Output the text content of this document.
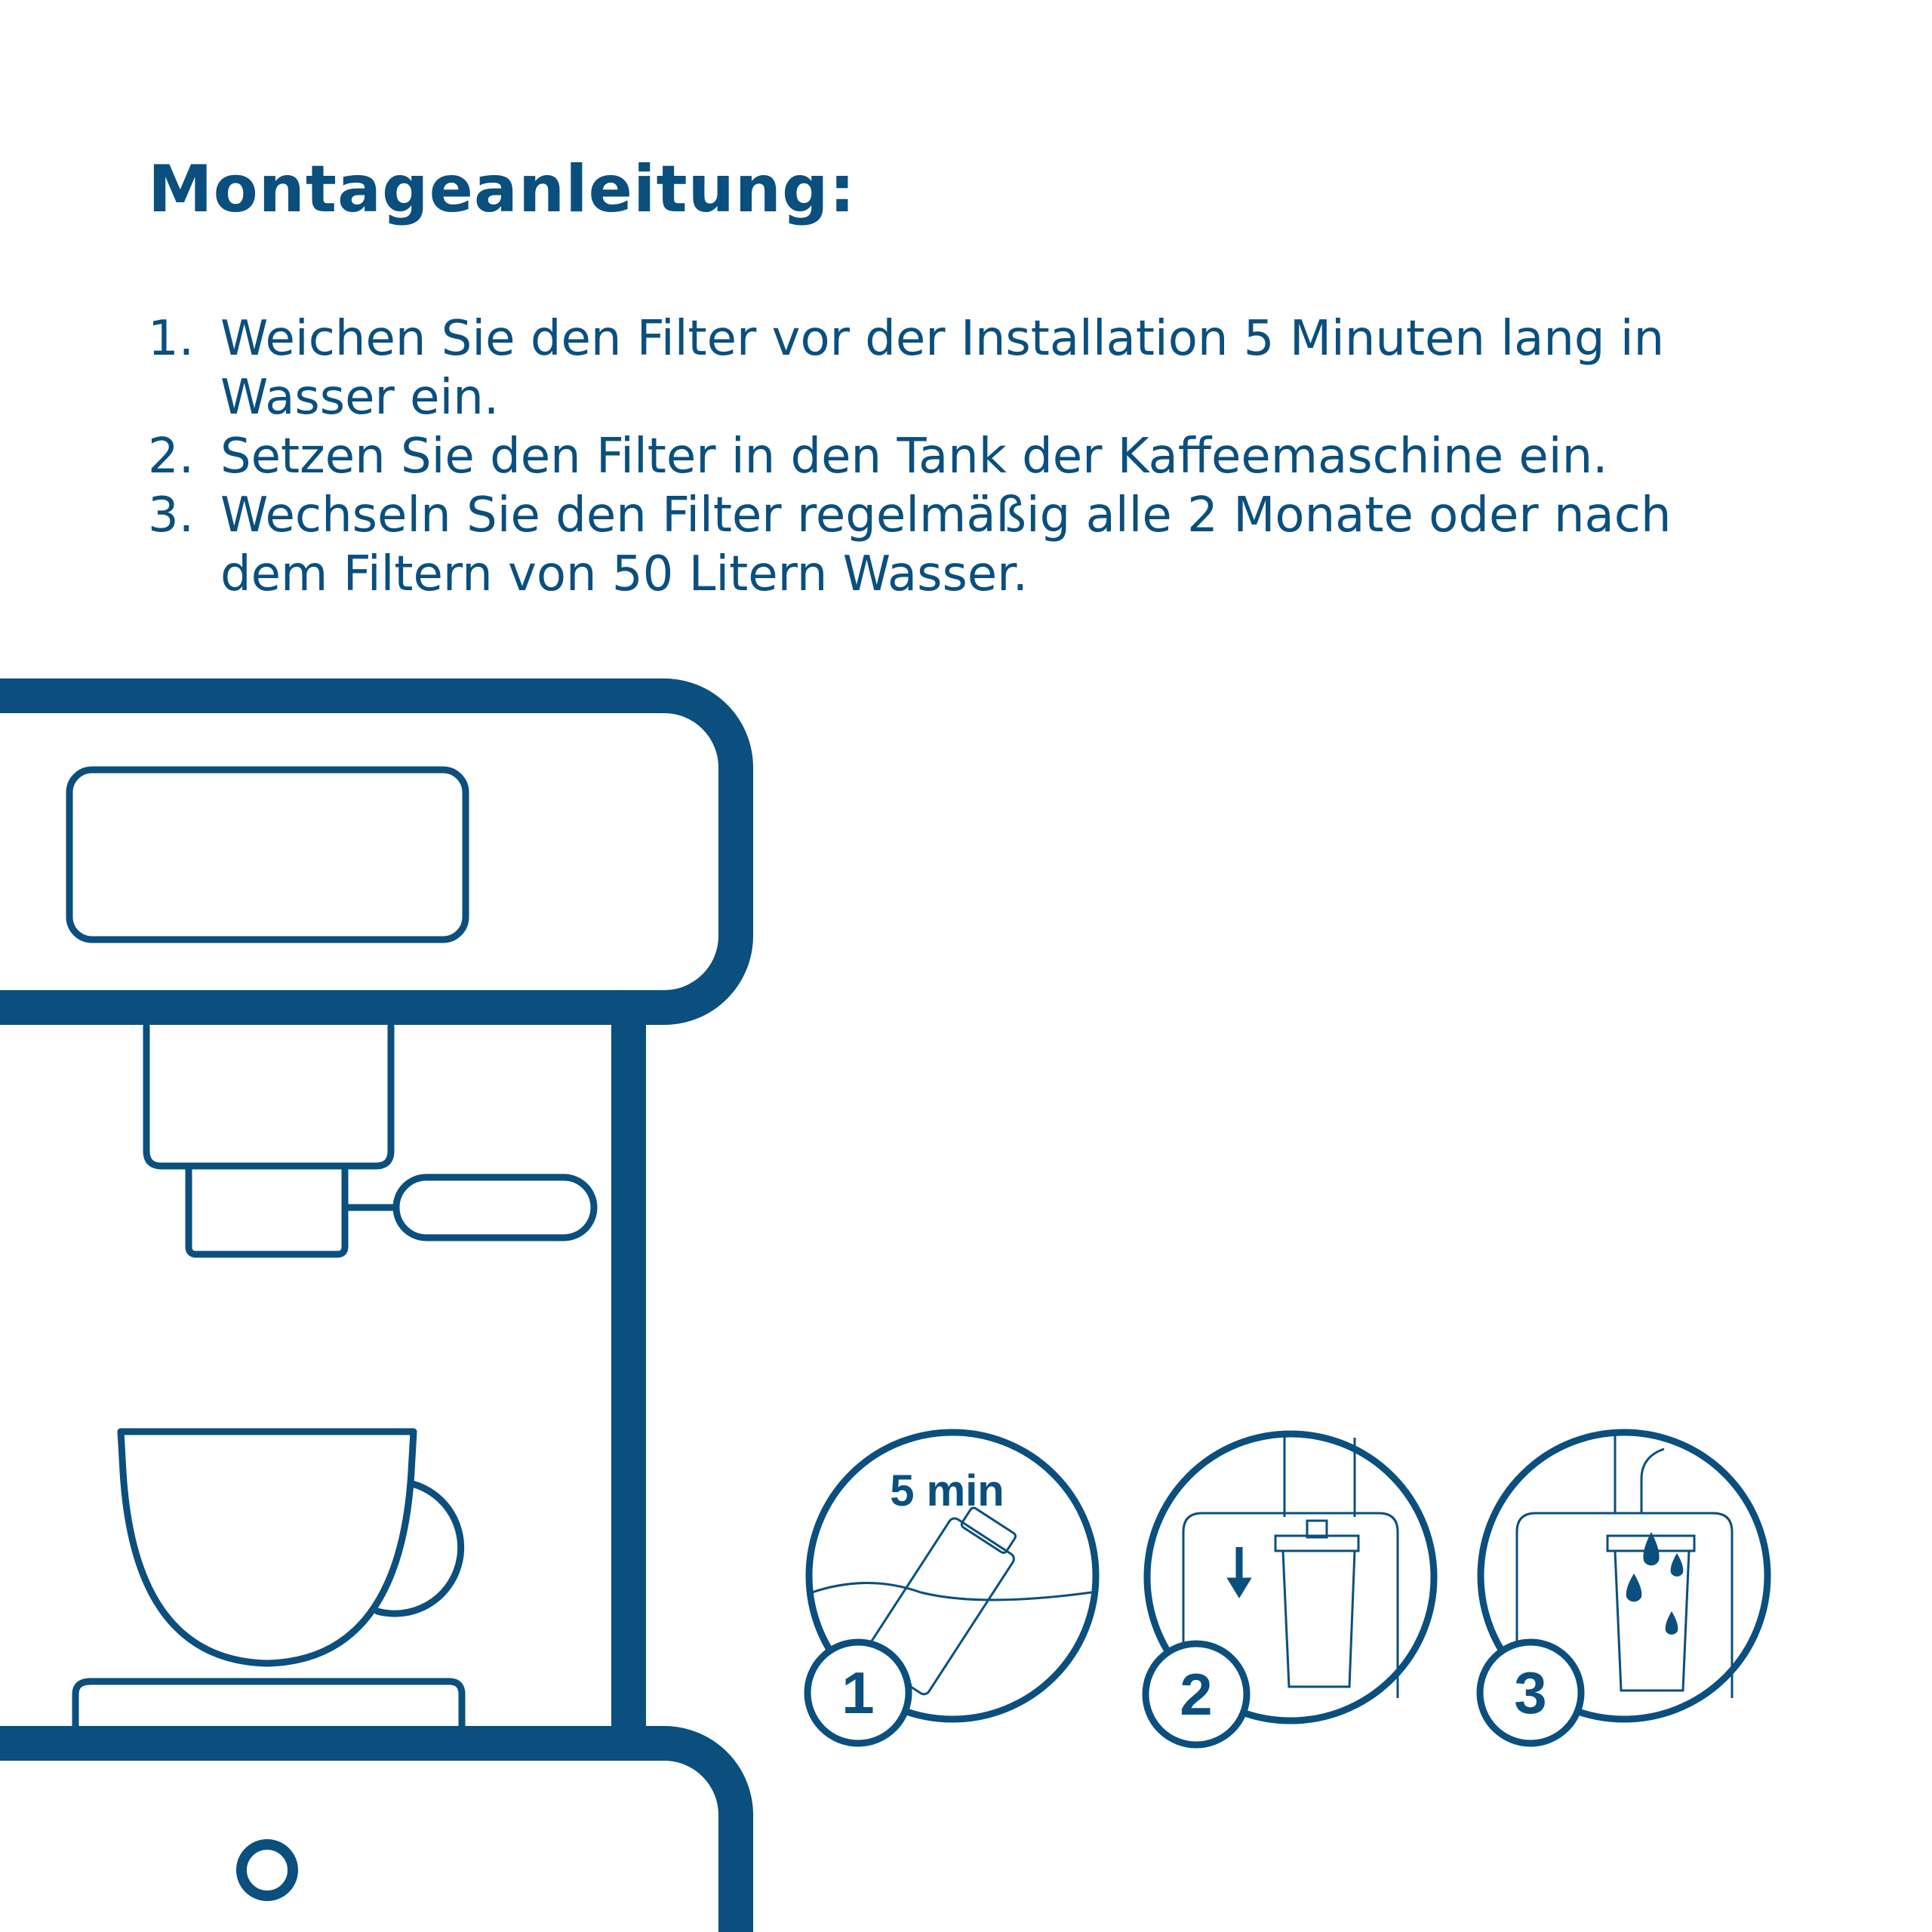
Montageanleitung:
1. Weichen Sie den Filter vor der Installation 5 Minuten lang in Wasser ein.
2. Setzen Sie den Filter in den Tank der Kaffeemaschine ein.
3. Wechseln Sie den Filter regelmäßig alle 2 Monate oder nach dem Filtern von 50 Litern Wasser.
5 min
1	2	3
